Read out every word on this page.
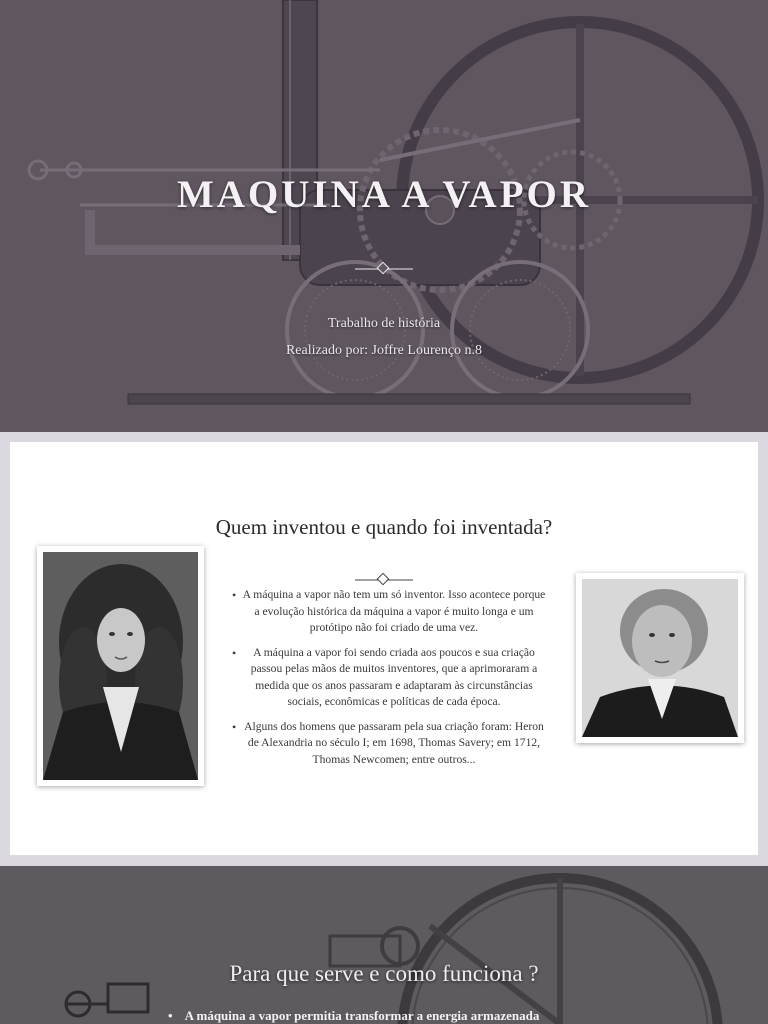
MAQUINA A VAPOR
Trabalho de história
Realizado por: Joffre Lourenço n.8
Quem inventou e quando foi inventada?
• A máquina a vapor não tem um só inventor. Isso acontece porque a evolução histórica da máquina a vapor é muito longa e um protótipo não foi criado de uma vez.
• A máquina a vapor foi sendo criada aos poucos e sua criação passou pelas mãos de muitos inventores, que a aprimoraram a medida que os anos passaram e adaptaram às circunstâncias sociais, econômicas e políticas de cada época.
• Alguns dos homens que passaram pela sua criação foram: Heron de Alexandria no século I; em 1698, Thomas Savery; em 1712, Thomas Newcomen; entre outros...
Para que serve e como funciona ?
• A máquina a vapor permitia transformar a energia armazenada
